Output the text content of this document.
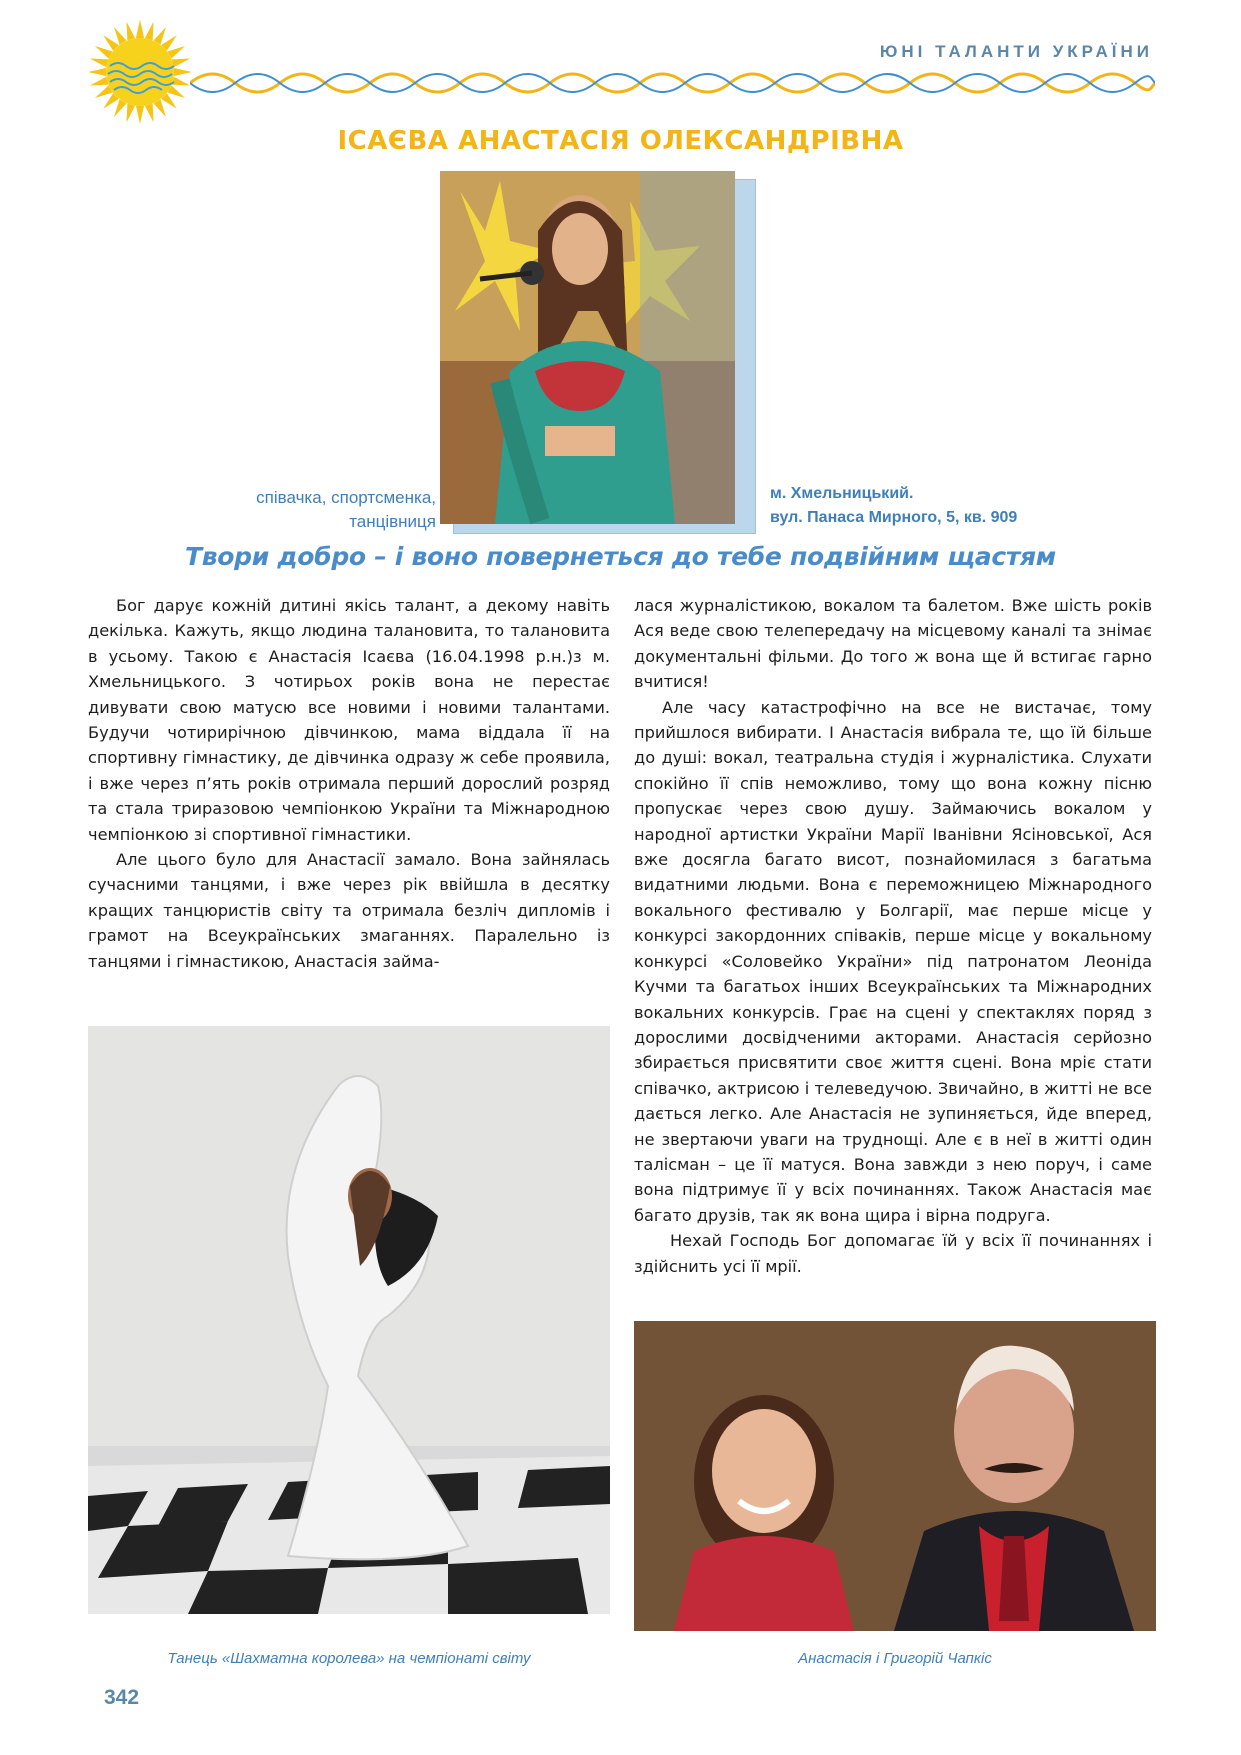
ЮНІ ТАЛАНТИ УКРАЇНИ
ІСАЄВА АНАСТАСІЯ ОЛЕКСАНДРІВНА
співачка, спортсменка,
танцівниця
м. Хмельницький.
вул. Панаса Мирного, 5, кв. 909
Твори добро – і воно повернеться до тебе подвійним щастям

Бог дарує кожній дитині якісь талант, а декому навіть декілька. Кажуть, якщо людина талановита, то талановита в усьому. Такою є Анастасія Ісаєва (16.04.1998 р.н.)з м. Хмельницького. З чотирьох років вона не перестає дивувати свою матусю все новими і новими талантами. Будучи чотирирічною дівчинкою, мама віддала її на спортивну гімнастику, де дівчинка одразу ж себе проявила, і вже через п’ять років отримала перший дорослий розряд та стала триразовою чемпіонкою України та Міжнародною чемпіонкою зі спортивної гімнастики.

Але цього було для Анастасії замало. Вона зайнялась сучасними танцями, і вже через рік ввійшла в десятку кращих танцюристів світу та отримала безліч дипломів і грамот на Всеукраїнських змаганнях. Паралельно із танцями і гімнастикою, Анастасія займа-

лася журналістикою, вокалом та балетом. Вже шість років Ася веде свою телепередачу на місцевому каналі та знімає документальні фільми. До того ж вона ще й встигає гарно вчитися!

Але часу катастрофічно на все не вистачає, тому прийшлося вибирати. І Анастасія вибрала те, що їй більше до душі: вокал, театральна студія і журналістика. Слухати спокійно її спів неможливо, тому що вона кожну пісню пропускає через свою душу. Займаючись вокалом у народної артистки України Марії Іванівни Ясіновської, Ася вже досягла багато висот, познайомилася з багатьма видатними людьми. Вона є переможницею Міжнародного вокального фестивалю у Болгарії, має перше місце у конкурсі закордонних співаків, перше місце у вокальному конкурсі «Соловейко України» під патронатом Леоніда Кучми та багатьох інших Всеукраїнських та Міжнародних вокальних конкурсів. Грає на сцені у спектаклях поряд з дорослими досвідченими акторами. Анастасія серйозно збирається присвятити своє життя сцені. Вона мріє стати співачко, актрисою і телеведучою. Звичайно, в житті не все дається легко. Але Анастасія не зупиняється, йде вперед, не звертаючи уваги на труднощі. Але є в неї в житті один талісман – це її матуся. Вона завжди з нею поруч, і саме вона підтримує її у всіх починаннях. Також Анастасія має багато друзів, так як вона щира і вірна подруга.

Нехай Господь Бог допомагає їй у всіх її починаннях і здійснить усі її мрії.

Танець «Шахматна королева» на чемпіонаті світу	Анастасія і Григорій Чапкіс
342
